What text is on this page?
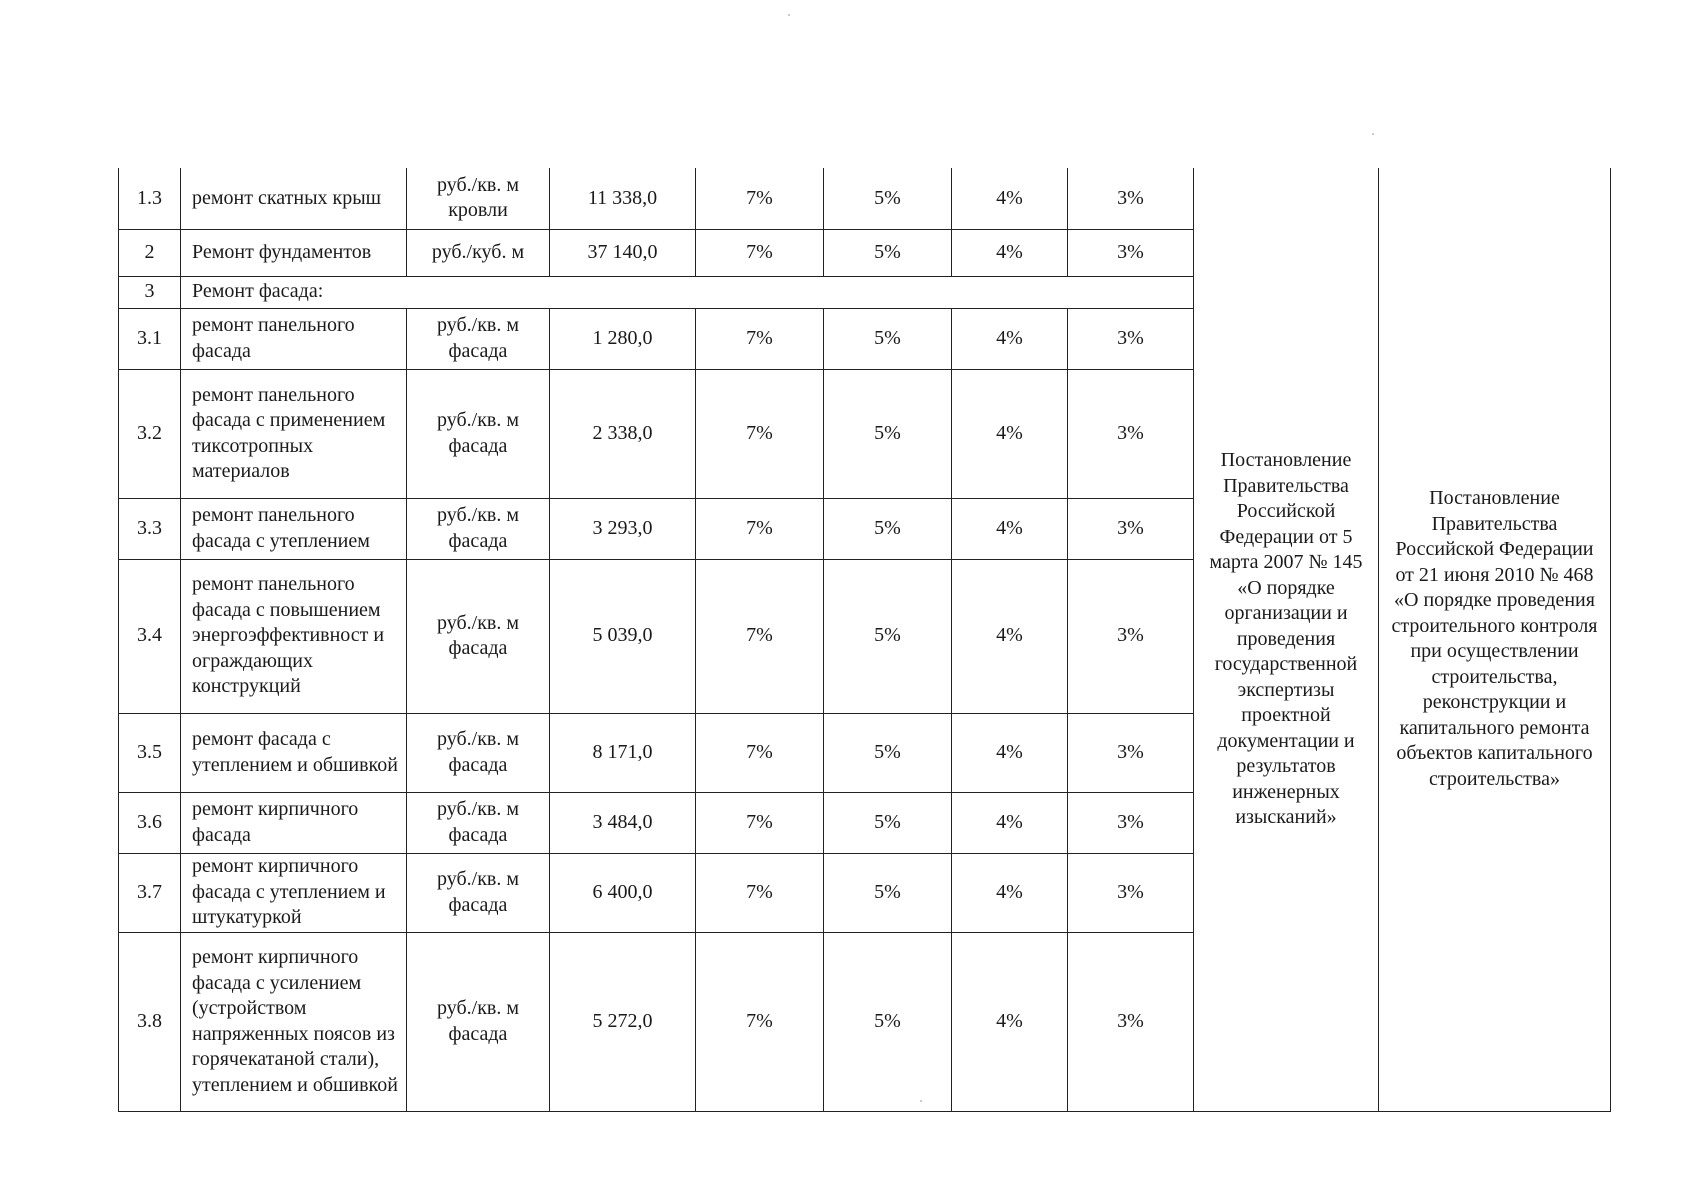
1.3	ремонт скатных крыш	руб./кв. м кровли	11 338,0	7%	5%	4%	3%	Постановление Правительства Российской Федерации от 5 марта 2007 № 145 «О порядке организации и проведения государственной экспертизы проектной документации и результатов инженерных изысканий»	Постановление Правительства Российской Федерации от 21 июня 2010 № 468 «О порядке проведения строительного контроля при осуществлении строительства, реконструкции и капитального ремонта объектов капитального строительства»
2	Ремонт фундаментов	руб./куб. м	37 140,0	7%	5%	4%	3%		
3	Ремонт фасада:								
3.1	ремонт панельного фасада	руб./кв. м фасада	1 280,0	7%	5%	4%	3%		
3.2	ремонт панельного фасада с применением тиксотропных материалов	руб./кв. м фасада	2 338,0	7%	5%	4%	3%		
3.3	ремонт панельного фасада с утеплением	руб./кв. м фасада	3 293,0	7%	5%	4%	3%		
3.4	ремонт панельного фасада с повышением энергоэффективност и ограждающих конструкций	руб./кв. м фасада	5 039,0	7%	5%	4%	3%		
3.5	ремонт фасада с утеплением и обшивкой	руб./кв. м фасада	8 171,0	7%	5%	4%	3%		
3.6	ремонт кирпичного фасада	руб./кв. м фасада	3 484,0	7%	5%	4%	3%		
3.7	ремонт кирпичного фасада с утеплением и штукатуркой	руб./кв. м фасада	6 400,0	7%	5%	4%	3%		
3.8	ремонт кирпичного фасада с усилением (устройством напряженных поясов из горячекатаной стали), утеплением и обшивкой	руб./кв. м фасада	5 272,0	7%	5%	4%	3%		
